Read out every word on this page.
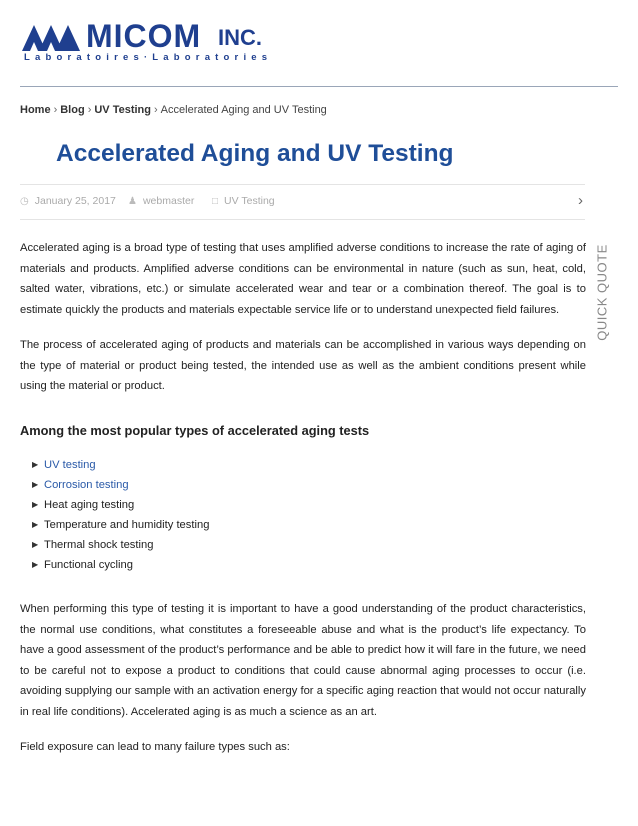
MICOM INC.
Laboratoires·Laboratories
Home › Blog › UV Testing › Accelerated Aging and UV Testing
Accelerated Aging and UV Testing
◷ January 25, 2017 ♟ webmaster □ UV Testing	›

Accelerated aging is a broad type of testing that uses amplified adverse conditions to increase the rate of aging of materials and products. Amplified adverse conditions can be environmental in nature (such as sun, heat, cold, salted water, vibrations, etc.) or simulate accelerated wear and tear or a combination thereof. The goal is to estimate quickly the products and materials expectable service life or to understand unexpected field failures.

The process of accelerated aging of products and materials can be accomplished in various ways depending on the type of material or product being tested, the intended use as well as the ambient conditions present while using the material or product.

Among the most popular types of accelerated aging tests
▶ UV testing
▶ Corrosion testing
▶ Heat aging testing
▶ Temperature and humidity testing
▶ Thermal shock testing
▶ Functional cycling

When performing this type of testing it is important to have a good understanding of the product characteristics, the normal use conditions, what constitutes a foreseeable abuse and what is the product’s life expectancy. To have a good assessment of the product’s performance and be able to predict how it will fare in the future, we need to be careful not to expose a product to conditions that could cause abnormal aging processes to occur (i.e. avoiding supplying our sample with an activation energy for a specific aging reaction that would not occur naturally in real life conditions). Accelerated aging is as much a science as an art.

Field exposure can lead to many failure types such as:

QUICK QUOTE
